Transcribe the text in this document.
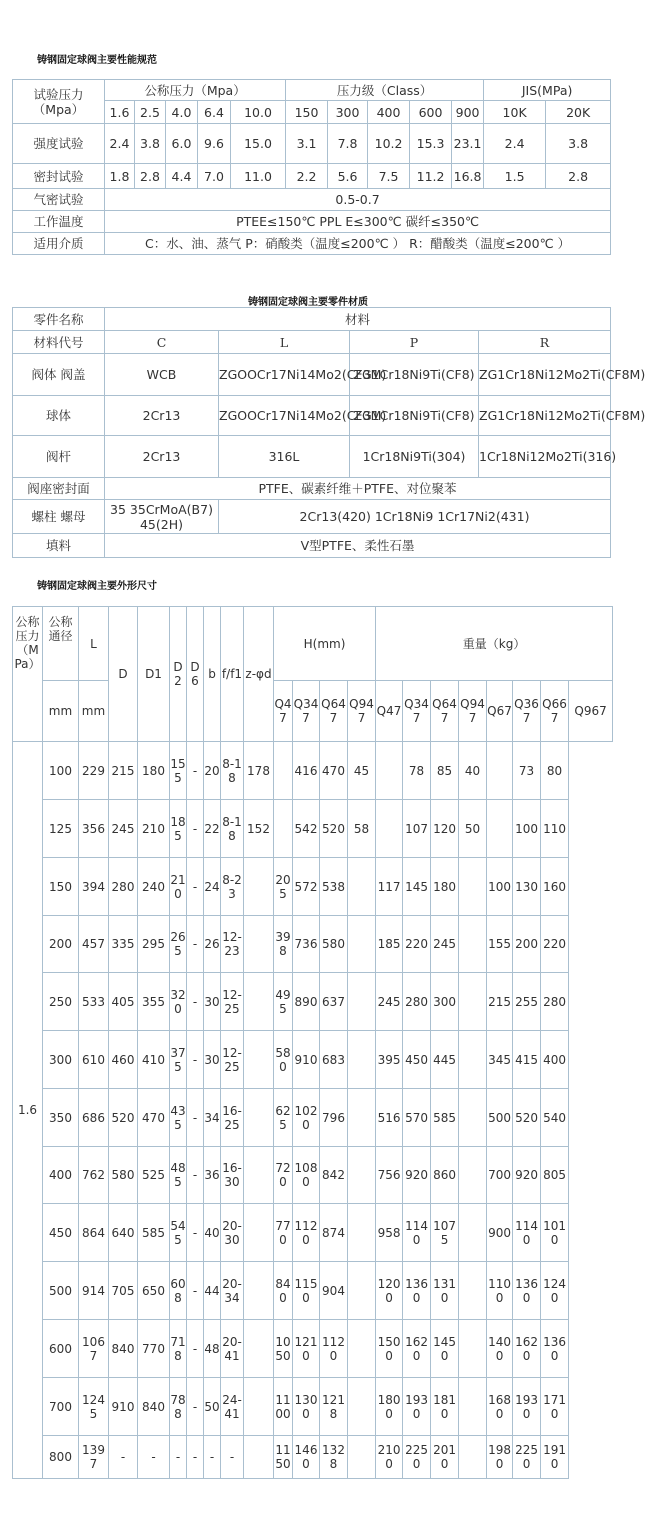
铸钢固定球阀主要性能规范
试验压力（Mpa）	公称压力（Mpa）					压力级（Class）					JIS(MPa)	
	1.6	2.5	4.0	6.4	10.0	150	300	400	600	900	10K	20K
强度试验	2.4	3.8	6.0	9.6	15.0	3.1	7.8	10.2	15.3	23.1	2.4	3.8
密封试验	1.8	2.8	4.4	7.0	11.0	2.2	5.6	7.5	11.2	16.8	1.5	2.8
气密试验	0.5-0.7											
工作温度	PTEE≤150℃ PPL E≤300℃ 碳纤≤350℃											
适用介质	C：水、油、蒸气 P：硝酸类（温度≤200℃ ） R：醋酸类（温度≤200℃ ）											
铸钢固定球阀主要零件材质
零件名称	材料			
材料代号	C	L	P	R
阀体 阀盖	WCB	ZGOOCr17Ni14Mo2(CF3M)	ZG1Cr18Ni9Ti(CF8)	ZG1Cr18Ni12Mo2Ti(CF8M)
球体	2Cr13	ZGOOCr17Ni14Mo2(CF3M)	ZG1Cr18Ni9Ti(CF8)	ZG1Cr18Ni12Mo2Ti(CF8M)
阀杆	2Cr13	316L	1Cr18Ni9Ti(304)	1Cr18Ni12Mo2Ti(316)
阀座密封面	PTFE、碳素纤维＋PTFE、对位聚苯			
螺柱 螺母	35 35CrMoA(B7) 45(2H)	2Cr13(420) 1Cr18Ni9 1Cr17Ni2(431)		
填料	V型PTFE、柔性石墨			
铸钢固定球阀主要外形尺寸
公称压力（MPa）	公称通径	L	D	D1	D2	D6	b	f/f1	z-φd	H(mm)				重量（kg）							
										Q47	Q347	Q647	Q947	Q47	Q347	Q647	Q947	Q67	Q367	Q667	Q967
	mm	mm																			
1.6	100	229	215	180	155	-	20	8-18	178		416	470	45		78	85	40		73	80	
	125	356	245	210	185	-	22	8-18	152		542	520	58		107	120	50		100	110	
	150	394	280	240	210	-	24	8-23		205	572	538		117	145	180		100	130	160	
	200	457	335	295	265	-	26	12-23		398	736	580		185	220	245		155	200	220	
	250	533	405	355	320	-	30	12-25		495	890	637		245	280	300		215	255	280	
	300	610	460	410	375	-	30	12-25		580	910	683		395	450	445		345	415	400	
	350	686	520	470	435	-	34	16-25		625	1020	796		516	570	585		500	520	540	
	400	762	580	525	485	-	36	16-30		720	1080	842		756	920	860		700	920	805	
	450	864	640	585	545	-	40	20-30		770	1120	874		958	1140	1075		900	1140	1010	
	500	914	705	650	608	-	44	20-34		840	1150	904		1200	1360	1310		1100	1360	1240	
	600	1067	840	770	718	-	48	20-41		1050	1210	1120		1500	1620	1450		1400	1620	1360	
	700	1245	910	840	788	-	50	24-41		1100	1300	1218		1800	1930	1810		1680	1930	1710	
	800	1397	-	-	-	-	-	-		1150	1460	1328		2100	2250	2010		1980	2250	1910	
